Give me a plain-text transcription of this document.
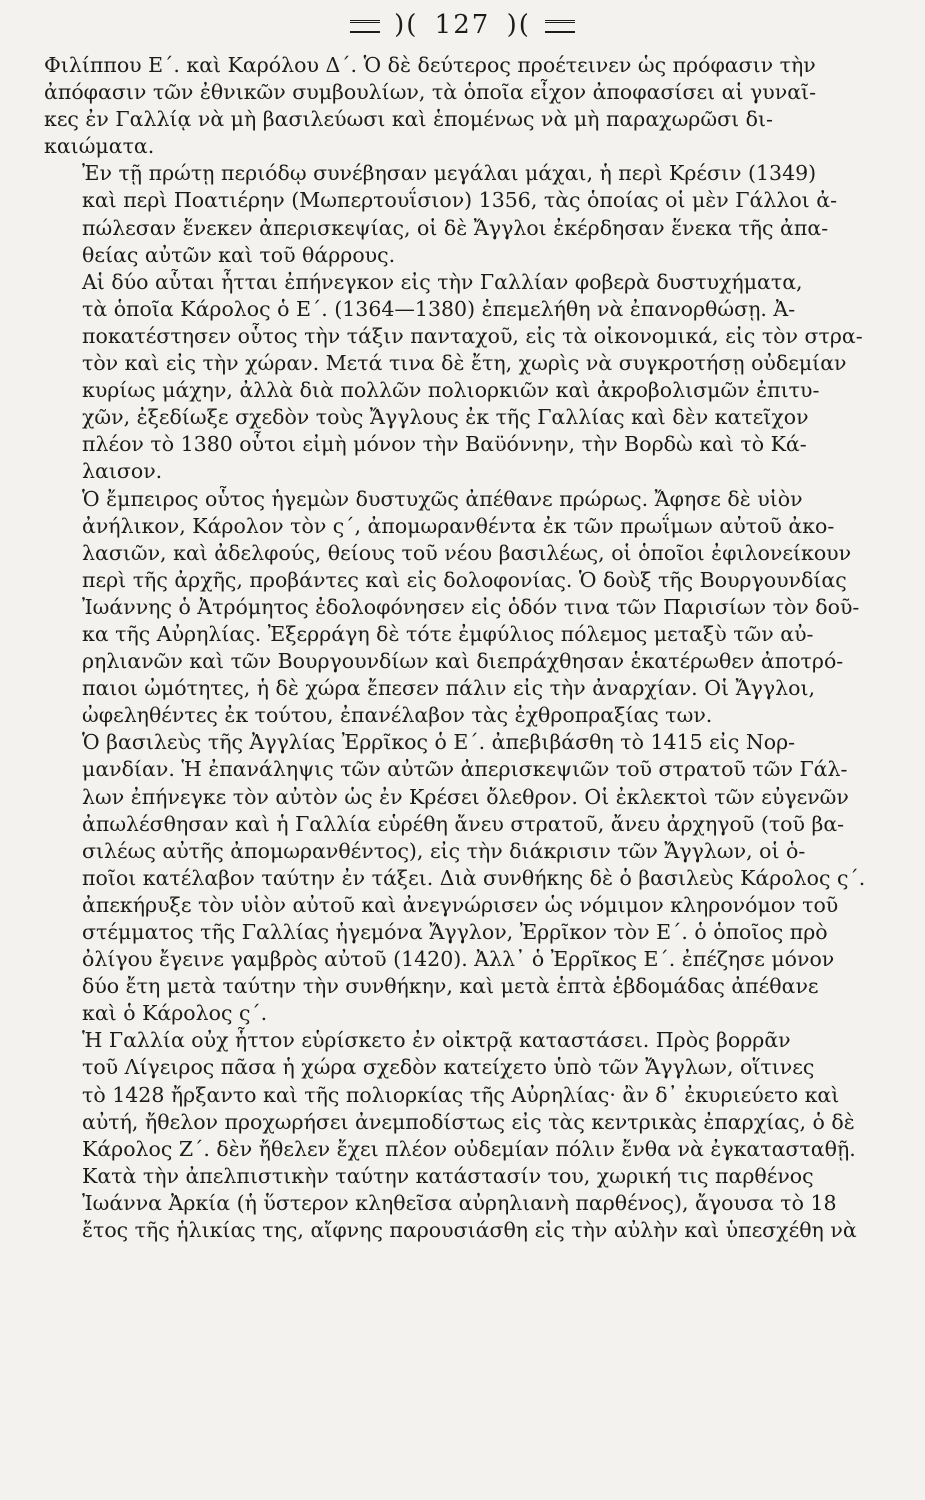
)( 127 )(

Φιλίππου Ε΄. καὶ Καρόλου Δ΄. Ὁ δὲ δεύτερος προέτεινεν ὡς πρόφασιν τὴν
ἀπόφασιν τῶν ἐθνικῶν συμβουλίων, τὰ ὁποῖα εἶχον ἀποφασίσει αἱ γυναῖ-
κες ἐν Γαλλίᾳ νὰ μὴ βασιλεύωσι καὶ ἑπομένως νὰ μὴ παραχωρῶσι δι-
καιώματα.

Ἐν τῇ πρώτῃ περιόδῳ συνέβησαν μεγάλαι μάχαι, ἡ περὶ Κρέσιν (1349)
καὶ περὶ Ποατιέρην (Μωπερτουΐσιον) 1356, τὰς ὁποίας οἱ μὲν Γάλλοι ἀ-
πώλεσαν ἕνεκεν ἀπερισκεψίας, οἱ δὲ Ἄγγλοι ἐκέρδησαν ἕνεκα τῆς ἀπα-
θείας αὐτῶν καὶ τοῦ θάρρους.

Αἱ δύο αὗται ἧτται ἐπήνεγκον εἰς τὴν Γαλλίαν φοβερὰ δυστυχήματα,
τὰ ὁποῖα Κάρολος ὁ Ε΄. (1364—1380) ἐπεμελήθη νὰ ἐπανορθώσῃ. Ἀ-
ποκατέστησεν οὗτος τὴν τάξιν πανταχοῦ, εἰς τὰ οἰκονομικά, εἰς τὸν στρα-
τὸν καὶ εἰς τὴν χώραν. Μετά τινα δὲ ἔτη, χωρὶς νὰ συγκροτήσῃ οὐδεμίαν
κυρίως μάχην, ἀλλὰ διὰ πολλῶν πολιορκιῶν καὶ ἀκροβολισμῶν ἐπιτυ-
χῶν, ἐξεδίωξε σχεδὸν τοὺς Ἄγγλους ἐκ τῆς Γαλλίας καὶ δὲν κατεῖχον
πλέον τὸ 1380 οὗτοι εἰμὴ μόνον τὴν Βαϋόννην, τὴν Βορδὼ καὶ τὸ Κά-
λαισον.

Ὁ ἔμπειρος οὗτος ἡγεμὼν δυστυχῶς ἀπέθανε πρώρως. Ἄφησε δὲ υἱὸν
ἀνήλικον, Κάρολον τὸν ς΄, ἀπομωρανθέντα ἐκ τῶν πρωΐμων αὐτοῦ ἀκο-
λασιῶν, καὶ ἀδελφούς, θείους τοῦ νέου βασιλέως, οἱ ὁποῖοι ἐφιλονείκουν
περὶ τῆς ἀρχῆς, προβάντες καὶ εἰς δολοφονίας. Ὁ δοὺξ τῆς Βουργουνδίας
Ἰωάννης ὁ Ἀτρόμητος ἐδολοφόνησεν εἰς ὁδόν τινα τῶν Παρισίων τὸν δοῦ-
κα τῆς Αὐρηλίας. Ἐξερράγη δὲ τότε ἐμφύλιος πόλεμος μεταξὺ τῶν αὐ-
ρηλιανῶν καὶ τῶν Βουργουνδίων καὶ διεπράχθησαν ἑκατέρωθεν ἀποτρό-
παιοι ὠμότητες, ἡ δὲ χώρα ἔπεσεν πάλιν εἰς τὴν ἀναρχίαν. Οἱ Ἄγγλοι,
ὠφεληθέντες ἐκ τούτου, ἐπανέλαβον τὰς ἐχθροπραξίας των.

Ὁ βασιλεὺς τῆς Ἀγγλίας Ἐρρῖκος ὁ Ε΄. ἀπεβιβάσθη τὸ 1415 εἰς Νορ-
μανδίαν. Ἡ ἐπανάληψις τῶν αὐτῶν ἀπερισκεψιῶν τοῦ στρατοῦ τῶν Γάλ-
λων ἐπήνεγκε τὸν αὐτὸν ὡς ἐν Κρέσει ὄλεθρον. Οἱ ἐκλεκτοὶ τῶν εὐγενῶν
ἀπωλέσθησαν καὶ ἡ Γαλλία εὑρέθη ἄνευ στρατοῦ, ἄνευ ἀρχηγοῦ (τοῦ βα-
σιλέως αὐτῆς ἀπομωρανθέντος), εἰς τὴν διάκρισιν τῶν Ἄγγλων, οἱ ὁ-
ποῖοι κατέλαβον ταύτην ἐν τάξει. Διὰ συνθήκης δὲ ὁ βασιλεὺς Κάρολος ς΄.
ἀπεκήρυξε τὸν υἱὸν αὐτοῦ καὶ ἀνεγνώρισεν ὡς νόμιμον κληρονόμον τοῦ
στέμματος τῆς Γαλλίας ἡγεμόνα Ἄγγλον, Ἐρρῖκον τὸν Ε΄. ὁ ὁποῖος πρὸ
ὀλίγου ἔγεινε γαμβρὸς αὐτοῦ (1420). Ἀλλ᾽ ὁ Ἐρρῖκος Ε΄. ἐπέζησε μόνον
δύο ἔτη μετὰ ταύτην τὴν συνθήκην, καὶ μετὰ ἑπτὰ ἑβδομάδας ἀπέθανε
καὶ ὁ Κάρολος ς΄.

Ἡ Γαλλία οὐχ ἧττον εὑρίσκετο ἐν οἰκτρᾷ καταστάσει. Πρὸς βορρᾶν
τοῦ Λίγειρος πᾶσα ἡ χώρα σχεδὸν κατείχετο ὑπὸ τῶν Ἄγγλων, οἵτινες
τὸ 1428 ἤρξαντο καὶ τῆς πολιορκίας τῆς Αὐρηλίας· ἂν δ᾽ ἐκυριεύετο καὶ
αὐτή, ἤθελον προχωρήσει ἀνεμποδίστως εἰς τὰς κεντρικὰς ἐπαρχίας, ὁ δὲ
Κάρολος Ζ΄. δὲν ἤθελεν ἔχει πλέον οὐδεμίαν πόλιν ἔνθα νὰ ἐγκατασταθῇ.

Κατὰ τὴν ἀπελπιστικὴν ταύτην κατάστασίν του, χωρική τις παρθένος
Ἰωάννα Ἀρκία (ἡ ὕστερον κληθεῖσα αὐρηλιανὴ παρθένος), ἄγουσα τὸ 18
ἔτος τῆς ἡλικίας της, αἴφνης παρουσιάσθη εἰς τὴν αὐλὴν καὶ ὑπεσχέθη νὰ
